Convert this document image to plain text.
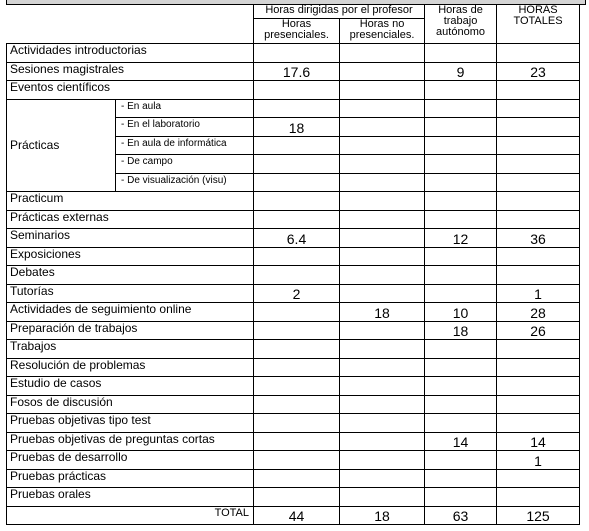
		Horas dirigidas por el profesor		Horas de trabajo autónomo	HORAS TOTALES
		Horas presenciales.	Horas no presenciales.		
Actividades introductorias					
Sesiones magistrales		17.6		9	23
Eventos científicos					
Prácticas	- En aula				
	- En el laboratorio	18			
	- En aula de informática				
	- De campo				
	- De visualización (visu)				
Practicum					
Prácticas externas					
Seminarios		6.4		12	36
Exposiciones					
Debates					
Tutorías		2			1
Actividades de seguimiento online			18	10	28
Preparación de trabajos				18	26
Trabajos					
Resolución de problemas					
Estudio de casos					
Fosos de discusión					
Pruebas objetivas tipo test					
Pruebas objetivas de preguntas cortas				14	14
Pruebas de desarrollo					1
Pruebas prácticas					
Pruebas orales					
TOTAL		44	18	63	125
